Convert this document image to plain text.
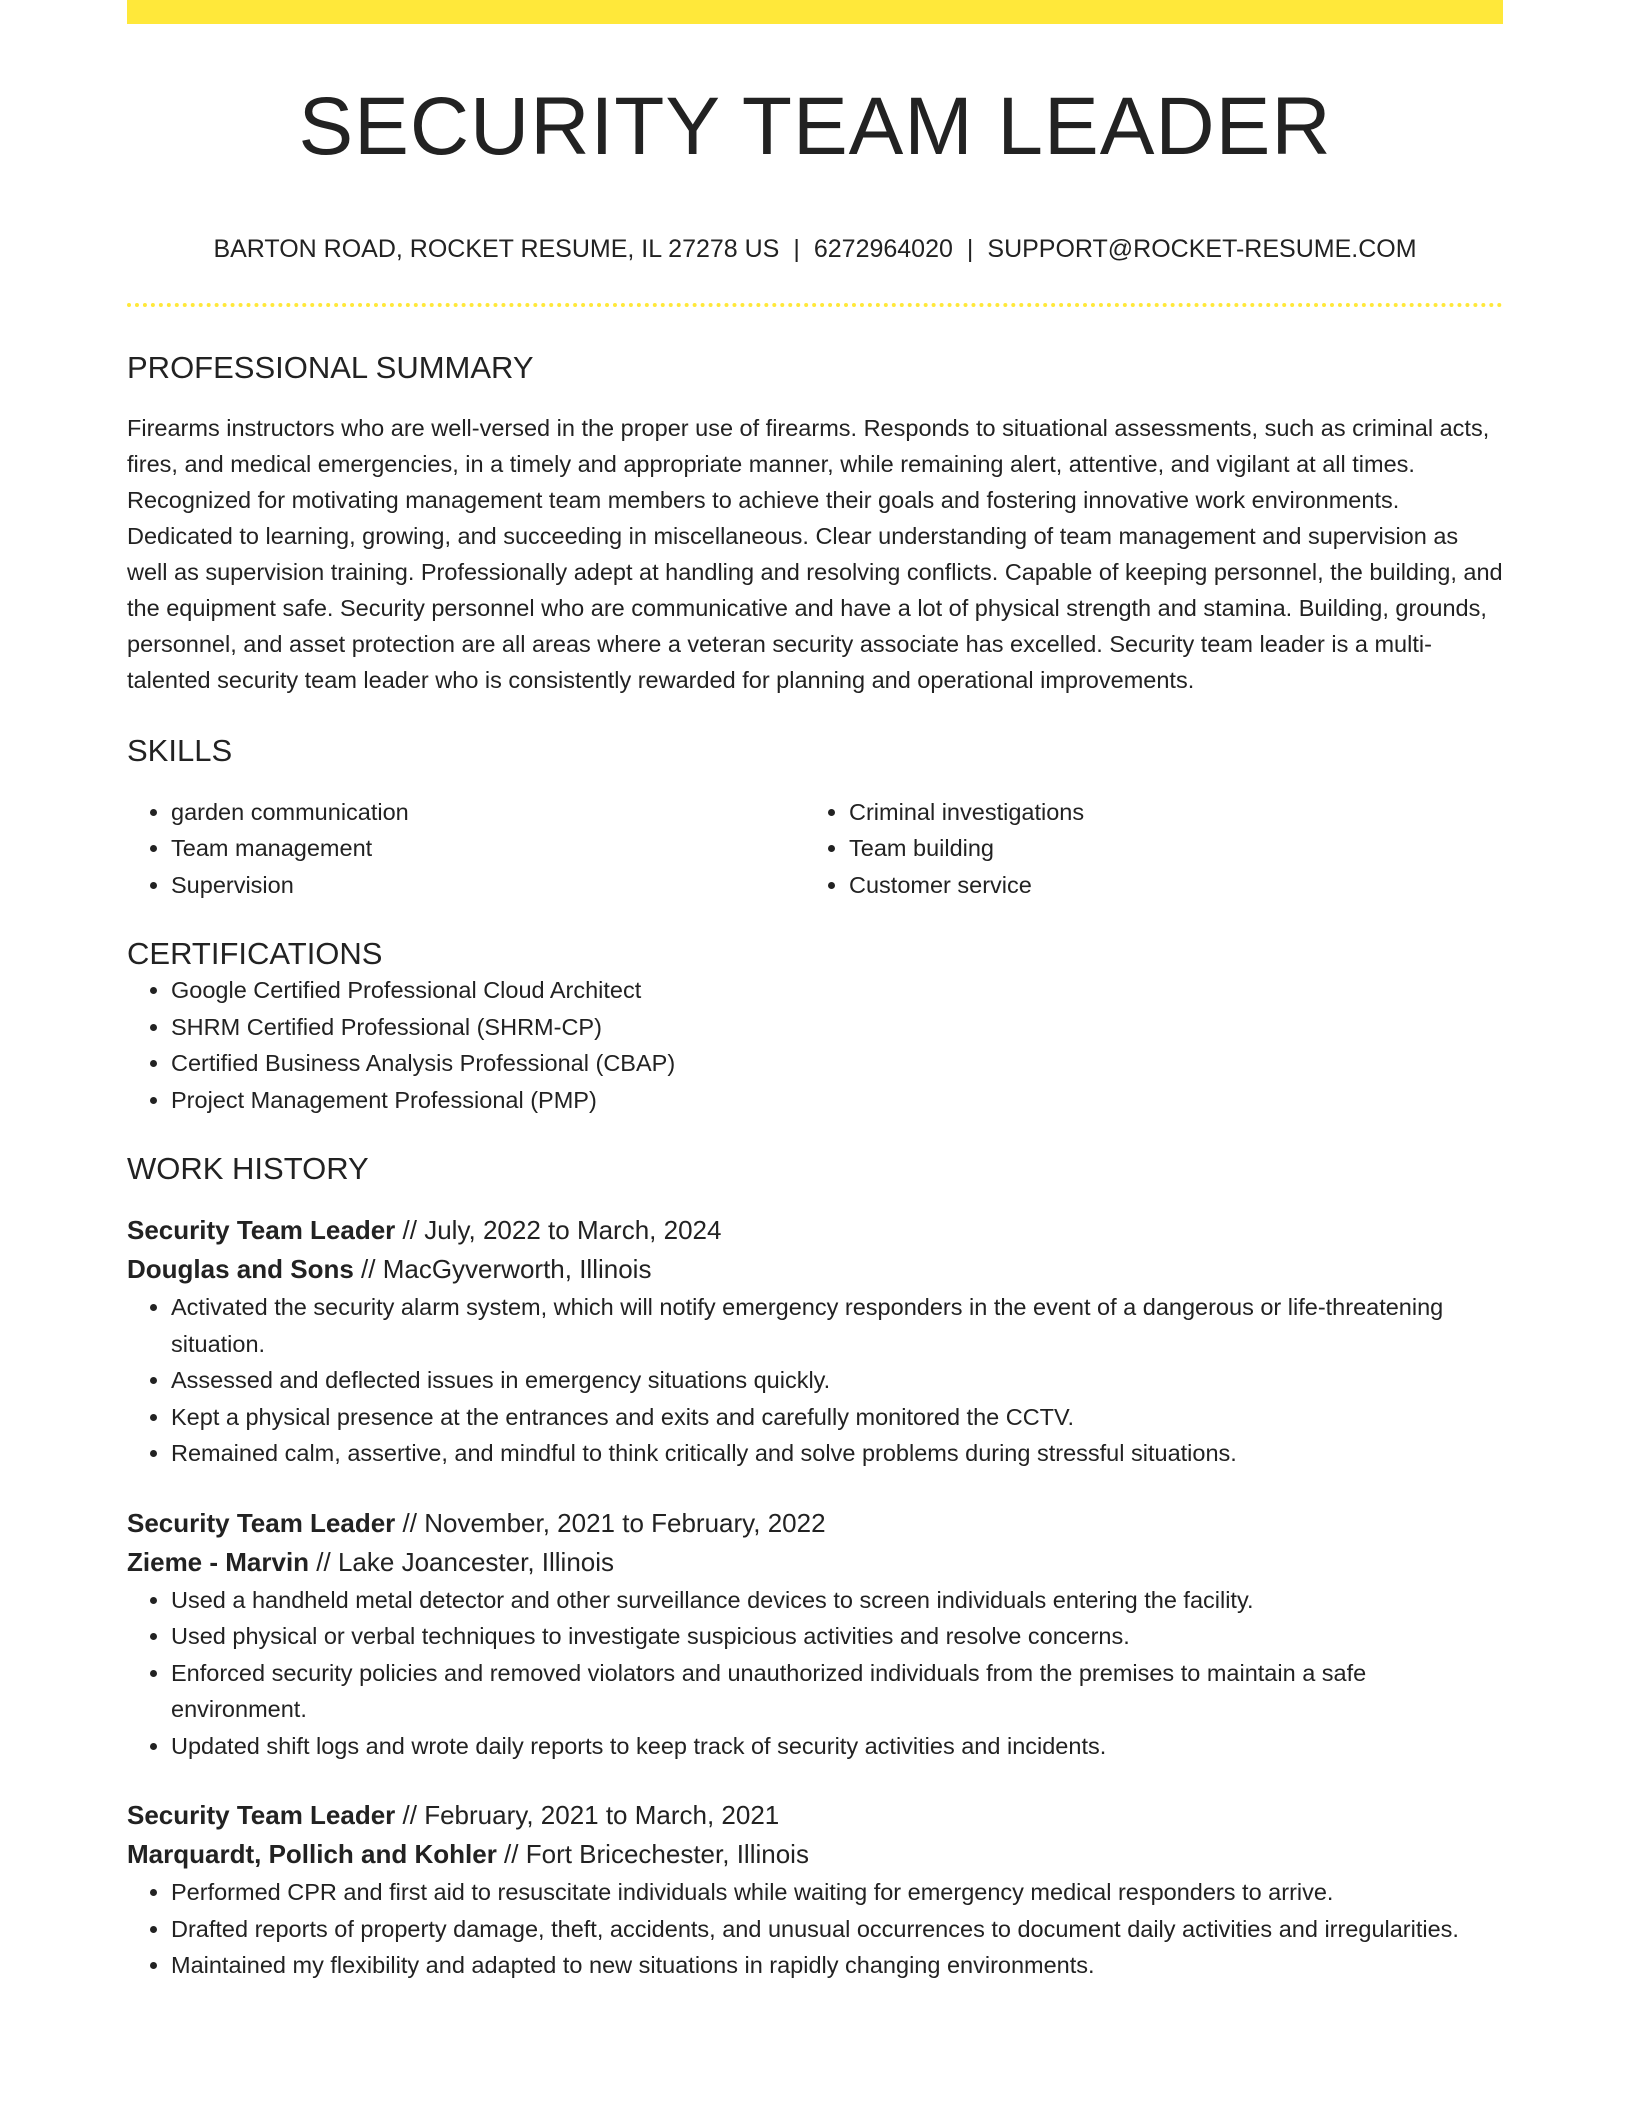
SECURITY TEAM LEADER
BARTON ROAD, ROCKET RESUME, IL 27278 US | 6272964020 | SUPPORT@ROCKET-RESUME.COM
PROFESSIONAL SUMMARY

Firearms instructors who are well-versed in the proper use of firearms. Responds to situational assessments, such as criminal acts, fires, and medical emergencies, in a timely and appropriate manner, while remaining alert, attentive, and vigilant at all times. Recognized for motivating management team members to achieve their goals and fostering innovative work environments. Dedicated to learning, growing, and succeeding in miscellaneous. Clear understanding of team management and supervision as well as supervision training. Professionally adept at handling and resolving conflicts. Capable of keeping personnel, the building, and the equipment safe. Security personnel who are communicative and have a lot of physical strength and stamina. Building, grounds, personnel, and asset protection are all areas where a veteran security associate has excelled. Security team leader is a multi-talented security team leader who is consistently rewarded for planning and operational improvements.

SKILLS
• garden communication
• Team management
• Supervision
• Criminal investigations
• Team building
• Customer service
CERTIFICATIONS
• Google Certified Professional Cloud Architect
• SHRM Certified Professional (SHRM-CP)
• Certified Business Analysis Professional (CBAP)
• Project Management Professional (PMP)
WORK HISTORY
Security Team Leader // July, 2022 to March, 2024
Douglas and Sons // MacGyverworth, Illinois
• Activated the security alarm system, which will notify emergency responders in the event of a dangerous or life-threatening situation.
• Assessed and deflected issues in emergency situations quickly.
• Kept a physical presence at the entrances and exits and carefully monitored the CCTV.
• Remained calm, assertive, and mindful to think critically and solve problems during stressful situations.
Security Team Leader // November, 2021 to February, 2022
Zieme - Marvin // Lake Joancester, Illinois
• Used a handheld metal detector and other surveillance devices to screen individuals entering the facility.
• Used physical or verbal techniques to investigate suspicious activities and resolve concerns.
• Enforced security policies and removed violators and unauthorized individuals from the premises to maintain a safe environment.
• Updated shift logs and wrote daily reports to keep track of security activities and incidents.
Security Team Leader // February, 2021 to March, 2021
Marquardt, Pollich and Kohler // Fort Bricechester, Illinois
• Performed CPR and first aid to resuscitate individuals while waiting for emergency medical responders to arrive.
• Drafted reports of property damage, theft, accidents, and unusual occurrences to document daily activities and irregularities.
• Maintained my flexibility and adapted to new situations in rapidly changing environments.
